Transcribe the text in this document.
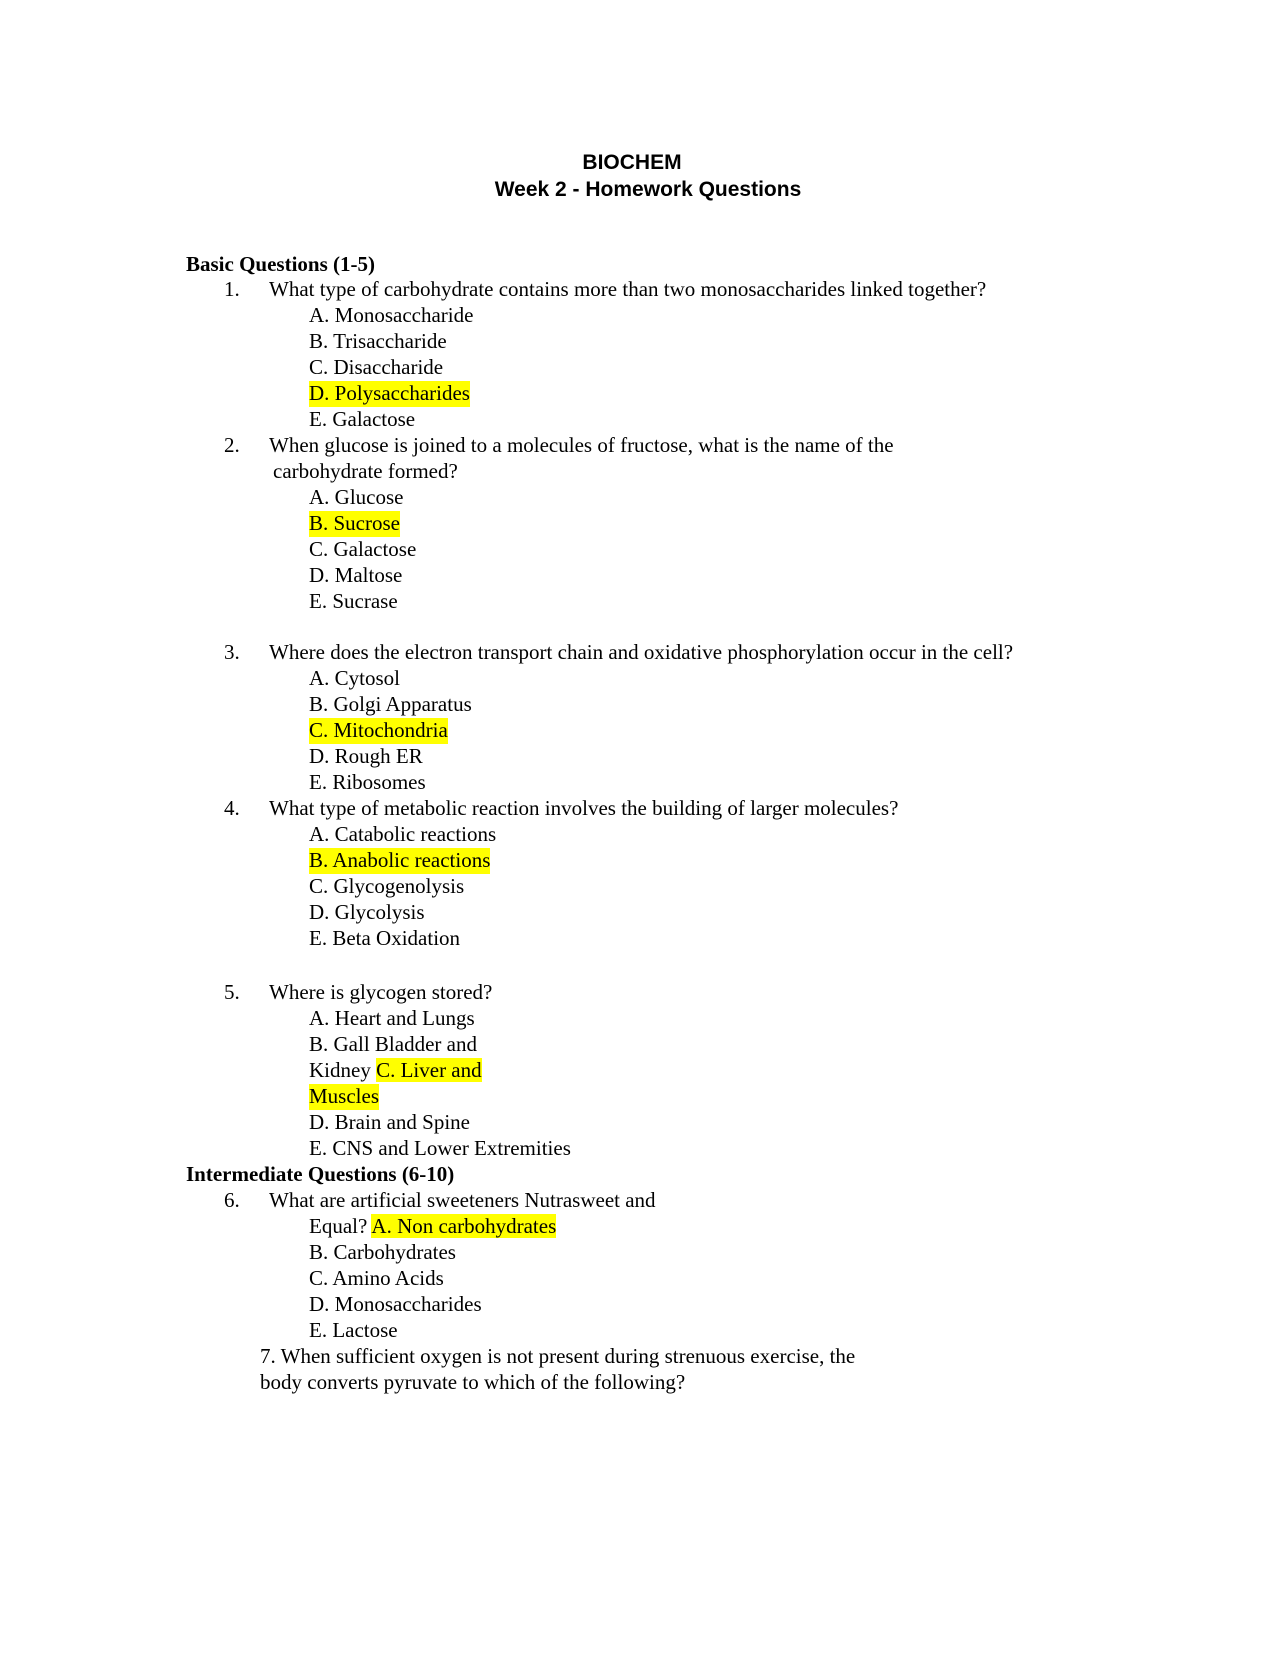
BIOCHEM
Week 2 - Homework Questions
Basic Questions (1-5)
1.	What type of carbohydrate contains more than two monosaccharides linked together?
A. Monosaccharide
B. Trisaccharide
C. Disaccharide
D. Polysaccharides
E. Galactose
2.	When glucose is joined to a molecules of fructose, what is the name of the
carbohydrate formed?
A. Glucose
B. Sucrose
C. Galactose
D. Maltose
E. Sucrase
3.	Where does the electron transport chain and oxidative phosphorylation occur in the cell?
A. Cytosol
B. Golgi Apparatus
C. Mitochondria
D. Rough ER
E. Ribosomes
4.	What type of metabolic reaction involves the building of larger molecules?
A. Catabolic reactions
B. Anabolic reactions
C. Glycogenolysis
D. Glycolysis
E. Beta Oxidation
5.	Where is glycogen stored?
A. Heart and Lungs
B. Gall Bladder and
Kidney C. Liver and
Muscles
D. Brain and Spine
E. CNS and Lower Extremities
Intermediate Questions (6-10)
6.	What are artificial sweeteners Nutrasweet and
Equal? A. Non carbohydrates
B. Carbohydrates
C. Amino Acids
D. Monosaccharides
E. Lactose
7. When sufficient oxygen is not present during strenuous exercise, the
body converts pyruvate to which of the following?
